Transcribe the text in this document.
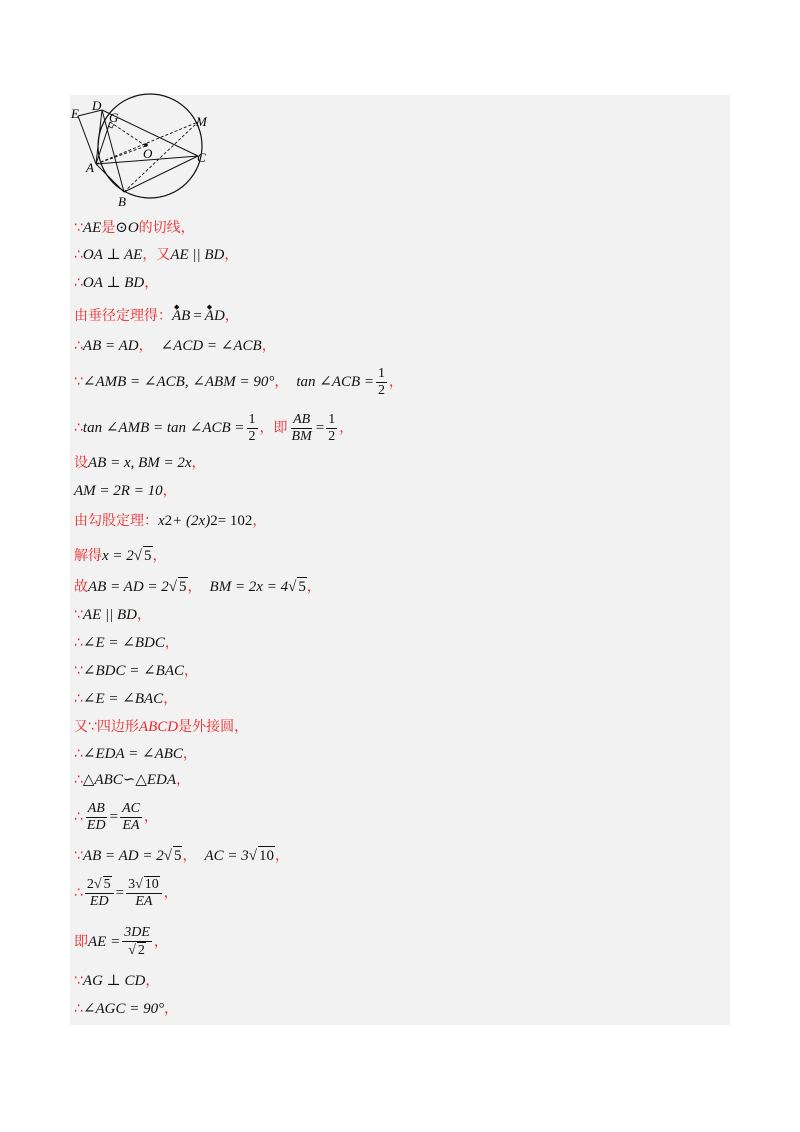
E
D
G	M
O
A
C
B
∵ AE 是 ⊙O 的切线，
∴ OA ⊥ AE ，又 AE || BD ，
∴ OA ⊥ BD ，
由垂径定理得： ◆ AB = ◆ AD ，
∴ AB = AD ， ∠ACD = ∠ACB ，
∵ ∠AMB = ∠ACB, ∠ABM = 90° ， tan ∠ACB = $\frac{1}{2}$ ，
∴ tan ∠AMB = tan ∠ACB = $\frac{1}{2}$ ，即 $\frac{AB}{BM} = \frac{1}{2}$ ，
设 AB = x, BM = 2x ，
AM = 2R = 10 ，
由勾股定理： x 2 + (2x) 2 = 10 2 ，
解得 x = 2 √ 5 ，
故 AB = AD = 2 √ 5 ， BM = 2x = 4 √ 5 ，
∵ AE || BD ，
∴ ∠E = ∠BDC ，
∵ ∠BDC = ∠BAC ，
∴ ∠E = ∠BAC ，
又∵四边形 ABCD 是外接圆，
∴ ∠EDA = ∠ABC ，
∴ △ABC∽△EDA ，
∴ $\frac{AB}{ED} = \frac{AC}{EA}$ ，
∵ AB = AD = 2 √ 5 ， AC = 3 √ 10 ，
∴ $\frac{2√ 5}{ED} = \frac{3√ 10}{EA}$ ，
即 AE = $\frac{3DE}{√ 2}$ ，
∵ AG ⊥ CD ，
∴ ∠AGC = 90° ，
